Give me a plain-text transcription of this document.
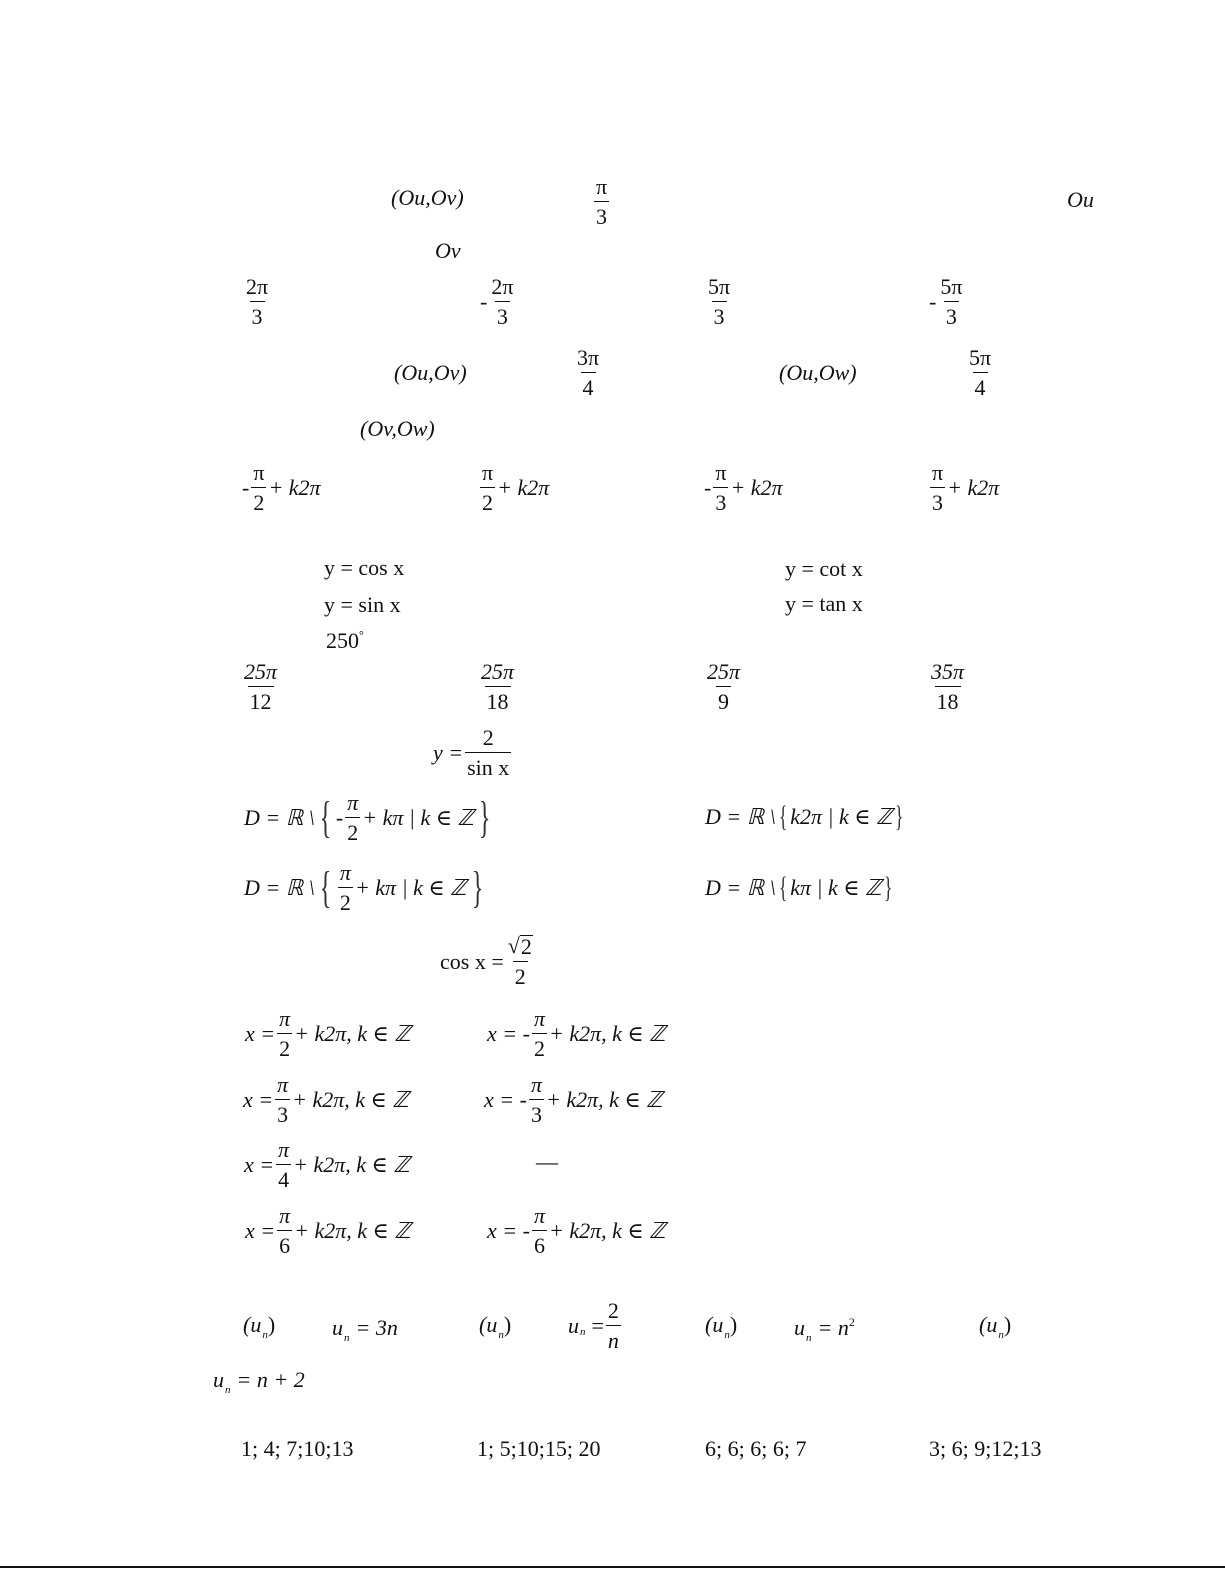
(Ou,Ov)	$\frac{\pi}{3}$	Ou
Ov
$\frac{2\pi}{3}$	- $\frac{2\pi}{3}$	$\frac{5\pi}{3}$	- $\frac{5\pi}{3}$
(Ou,Ov)	$\frac{3\pi}{4}$	(Ou,Ow)	$\frac{5\pi}{4}$
(Ov,Ow)
- $\frac{\pi}{2} + k2\pi$	$\frac{\pi}{2} + k2\pi$	- $\frac{\pi}{3} + k2\pi$	$\frac{\pi}{3} + k2\pi$
y = cos x	y = cot x
y = sin x	y = tan x
250°
$\frac{25\pi}{12}$	$\frac{25\pi}{18}$	$\frac{25\pi}{9}$	$\frac{35\pi}{18}$
$y = \frac{2}{\text{sin x}}$
D = ℝ \ { - $\frac{\pi}{2} + k\pi$ | k ∈ ℤ }	D = ℝ \ { k2π | k ∈ ℤ }
D = ℝ \ { $\frac{\pi}{2} + k\pi$ | k ∈ ℤ }	D = ℝ \ { kπ | k ∈ ℤ }
$\cos x = \frac{√ 2}{2}$
$x = \frac{\pi}{2} + k2\pi$, k ∈ ℤ	x = - $\frac{\pi}{2} + k2\pi$, k ∈ ℤ
$x = \frac{\pi}{3} + k2\pi$, k ∈ ℤ	x = - $\frac{\pi}{3} + k2\pi$, k ∈ ℤ
$x = \frac{\pi}{4} + k2\pi$, k ∈ ℤ	—
$x = \frac{\pi}{6} + k2\pi$, k ∈ ℤ	x = - $\frac{\pi}{6} + k2\pi$, k ∈ ℤ
$(u_n)$	$u_n = 3n$	$(u_n)$	u $n = \frac{2}{n}$	$(u_n)$	$u_n = n^2$	$(u_n)$
$u_n = n + 2$
1; 4; 7;10;13	1; 5;10;15; 20	6; 6; 6; 6; 7	3; 6; 9;12;13
